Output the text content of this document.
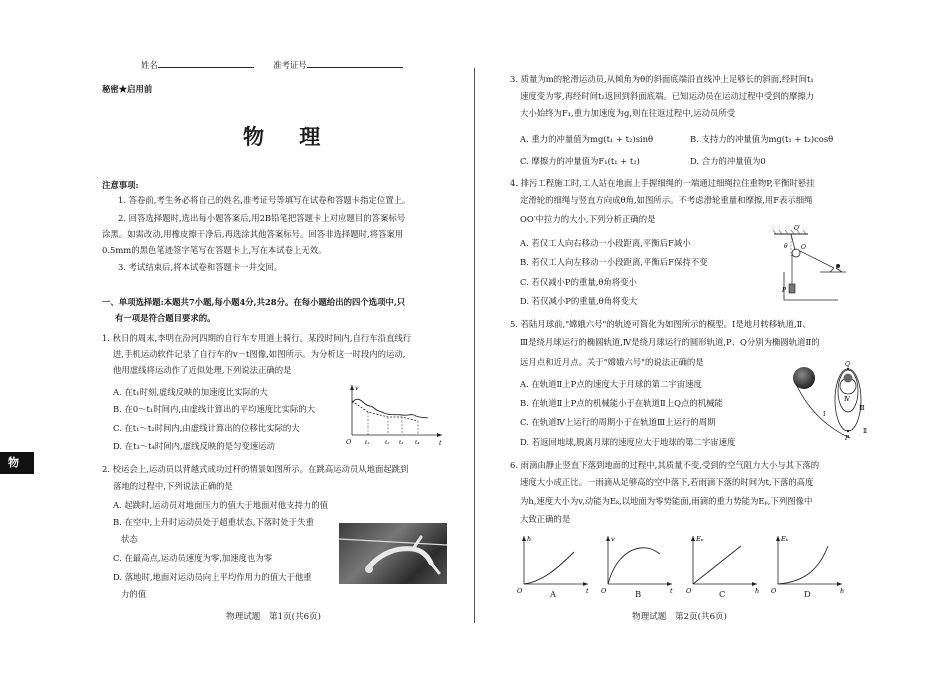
物
姓名	准考证号
秘密★启用前
物 理
注意事项:
1. 答卷前,考生务必将自己的姓名,准考证号等填写在试卷和答题卡指定位置上。
2. 回答选择题时,选出每小题答案后,用2B铅笔把答题卡上对应题目的答案标号
涂黑。如需改动,用橡皮擦干净后,再选涂其他答案标号。回答非选择题时,将答案用
0.5mm的黑色笔迹签字笔写在答题卡上,写在本试卷上无效。
3. 考试结束后,将本试卷和答题卡一并交回。
一、单项选择题:本题共7小题,每小题4分,共28分。在每小题给出的四个选项中,只
有一项是符合题目要求的。
1. 秋日的周末,李明在汾河四期的自行车专用道上骑行。某段时间内,自行车沿直线行
进,手机运动软件记录了自行车的v－t图像,如图所示。为分析这一时段内的运动,
他用虚线将运动作了近似处理,下列说法正确的是
A. 在t₁时刻,虚线反映的加速度比实际的大
B. 在0～t₁时间内,由虚线计算出的平均速度比实际的大
C. 在t₁～t₂时间内,由虚线计算出的位移比实际的大
D. 在t₃～t₄时间内,虚线反映的是匀变速运动
v
t
O t₁	t₂ t₃ t₄
2. 校运会上,运动员以背越式成功过杆的情景如图所示。在跳高运动员从地面起跳到
落地的过程中,下列说法正确的是
A. 起跳时,运动员对地面压力的值大于地面对他支持力的值
B. 在空中,上升时运动员处于超重状态,下落时处于失重
状态
C. 在最高点,运动员速度为零,加速度也为零
D. 落地时,地面对运动员向上平均作用力的值大于他重
力的值
物理试题　第1页(共6页)
3. 质量为m的轮滑运动员,从倾角为θ的斜面底端沿直线冲上足够长的斜面,经时间t₁
速度变为零,再经时间t₂返回到斜面底端。已知运动员在运动过程中受到的摩擦力
大小始终为F₁,重力加速度为g,则在往返过程中,运动员所受
A. 重力的冲量值为mg(t₁ + t₂)sinθ	B. 支持力的冲量值为mg(t₁ + t₂)cosθ
C. 摩擦力的冲量值为F₁(t₁ + t₂)	D. 合力的冲量值为0
4. 排污工程施工时,工人站在地面上手握细绳的一端通过细绳拉住重物P,平衡时悬挂
定滑轮的细绳与竖直方向成θ角,如图所示。不考虑滑轮重量和摩擦,用F表示细绳
OO′中拉力的大小,下列分析正确的是
A. 若仅工人向右移动一小段距离,平衡后F减小
B. 若仅工人向左移动一小段距离,平衡后F保持不变
C. 若仅减小P的重量,θ角将变小
D. 若仅减小P的重量,θ角将变大
O′
O
θ
P
5. 若陆月球前,"嫦娥六号"的轨迹可简化为如图所示的模型。Ⅰ是地月转移轨道,Ⅱ、
Ⅲ是绕月球运行的椭圆轨道,Ⅳ是绕月球运行的圆形轨道,P、Q分别为椭圆轨道Ⅱ的
远月点和近月点。关于"嫦娥六号"的说法正确的是
A. 在轨道Ⅱ上P点的速度大于月球的第二宇宙速度
B. 在轨道Ⅱ上P点的机械能小于在轨道Ⅱ上Q点的机械能
C. 在轨道Ⅳ上运行的周期小于在轨道Ⅲ上运行的周期
D. 若返回地球,脱离月球的速度应大于地球的第二宇宙速度
Q
Ⅳ
Ⅲ
Ⅱ
Ⅰ
P
6. 雨滴由静止竖直下落到地面的过程中,其质量不变,受到的空气阻力大小与其下落的
速度大小成正比。一雨滴从足够高的空中落下,若雨滴下落的时间为t,下落的高度
为h,速度大小为v,动能为Eₖ,以地面为零势能面,雨滴的重力势能为Eₚ,下列图像中
大致正确的是
h
t
O	A
v
t
O	B
Eₚ
h
O	C
Eₖ
h
O	D
物理试题　第2页(共6页)
